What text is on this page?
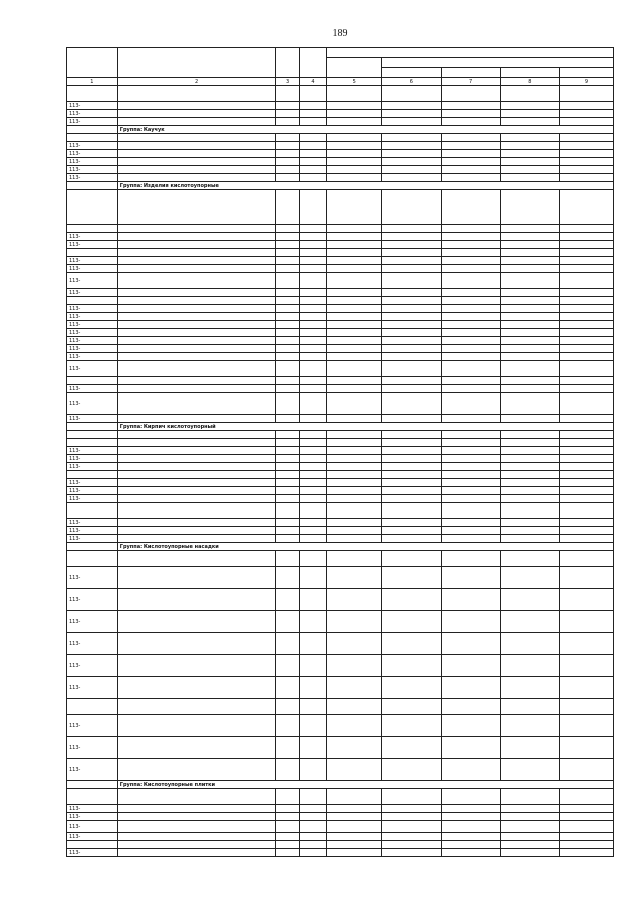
189

1	2	3	4	5	6	7	8	9

113-								
113-								
113-								
	Группа: Каучук							

113-								
113-								
113-								
113-								
113-								
	Группа: Изделия кислотоупорные							

113-								
113-								

113-								
113-								
113-								
113-								

113-								
113-								
113-								
113-								
113-								
113-								
113-								
113-								

113-								
113-								
113-								
	Группа: Кирпич кислотоупорный							

113-								
113-								
113-								

113-								
113-								
113-								

113-								
113-								
113-								
	Группа: Кислотоупорные насадки							

113-								
113-								
113-								
113-								
113-								
113-								

113-								
113-								
113-								
	Группа: Кислотоупорные плитки							

113-								
113-								
113-								
113-								

113-								
